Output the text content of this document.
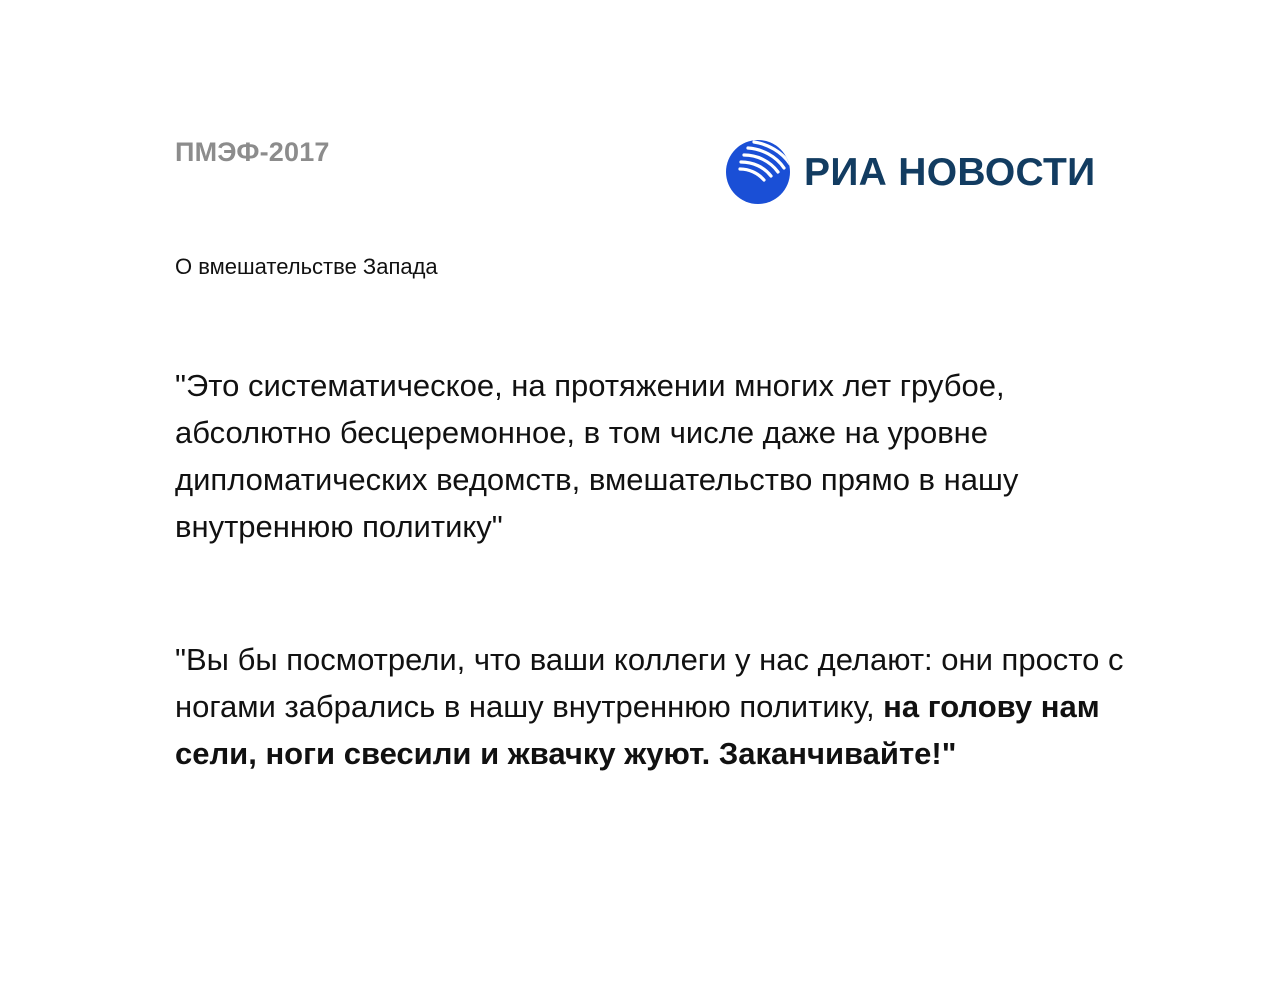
ПМЭФ-2017	РИА НОВОСТИ
О вмешательстве Запада

"Это систематическое, на протяжении многих лет грубое, абсолютно бесцеремонное, в том числе даже на уровне дипломатических ведомств, вмешательство прямо в нашу внутреннюю политику"

"Вы бы посмотрели, что ваши коллеги у нас делают: они просто с ногами забрались в нашу внутреннюю политику, на голову нам сели, ноги свесили и жвачку жуют. Заканчивайте!"
